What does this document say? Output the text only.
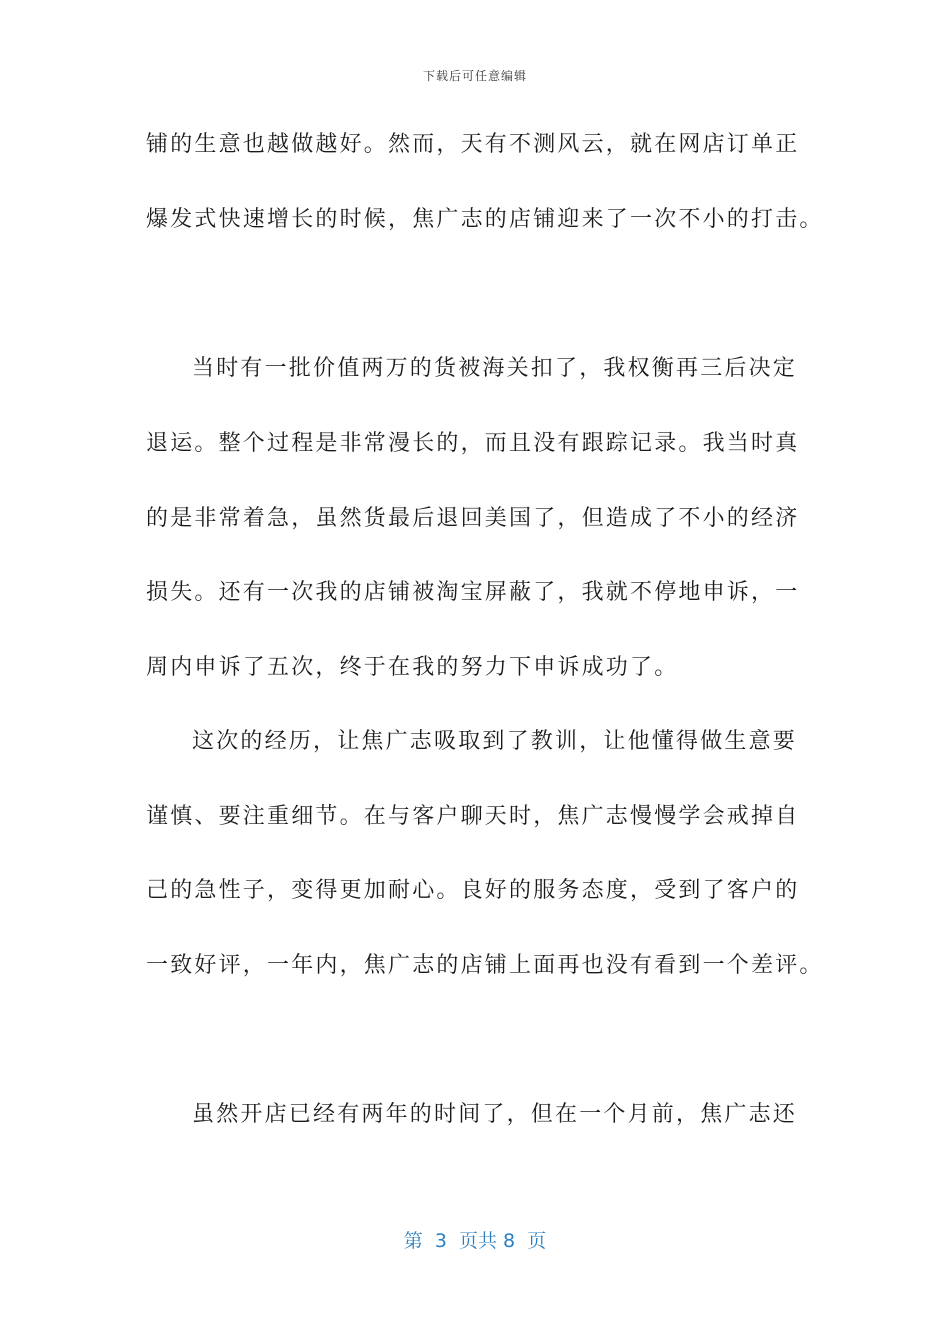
下载后可任意编辑
铺的生意也越做越好。然而，天有不测风云，就在网店订单正
爆发式快速增长的时候，焦广志的店铺迎来了一次不小的打击。
当时有一批价值两万的货被海关扣了，我权衡再三后决定
退运。整个过程是非常漫长的，而且没有跟踪记录。我当时真
的是非常着急，虽然货最后退回美国了，但造成了不小的经济
损失。还有一次我的店铺被淘宝屏蔽了，我就不停地申诉，一
周内申诉了五次，终于在我的努力下申诉成功了。
这次的经历，让焦广志吸取到了教训，让他懂得做生意要
谨慎、要注重细节。在与客户聊天时，焦广志慢慢学会戒掉自
己的急性子，变得更加耐心。良好的服务态度，受到了客户的
一致好评，一年内，焦广志的店铺上面再也没有看到一个差评。
虽然开店已经有两年的时间了，但在一个月前，焦广志还
第  3  页共 8  页
